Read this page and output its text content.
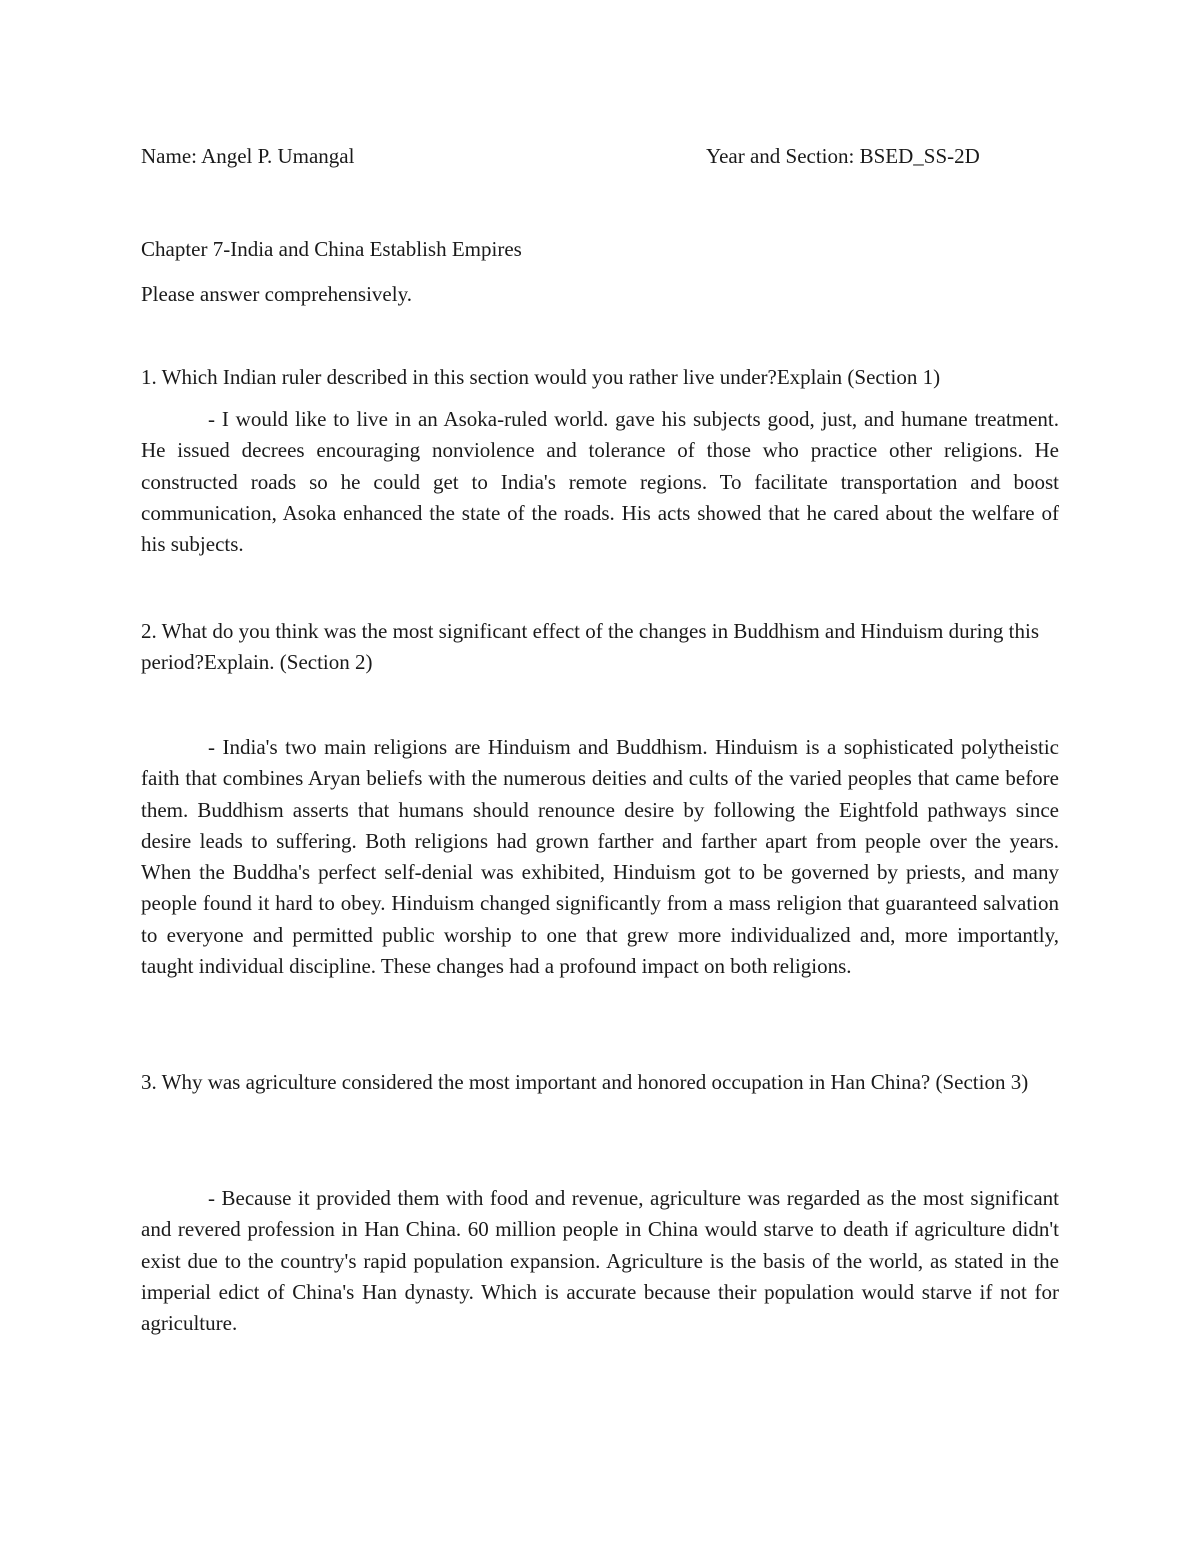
Name: Angel P. Umangal	Year and Section: BSED_SS-2D
Chapter 7-India and China Establish Empires
Please answer comprehensively.
1. Which Indian ruler described in this section would you rather live under?Explain (Section 1)
- I would like to live in an Asoka-ruled world. gave his subjects good, just, and humane treatment. He issued decrees encouraging nonviolence and tolerance of those who practice other religions. He constructed roads so he could get to India's remote regions. To facilitate transportation and boost communication, Asoka enhanced the state of the roads. His acts showed that he cared about the welfare of his subjects.
2. What do you think was the most significant effect of the changes in Buddhism and Hinduism during this period?Explain. (Section 2)
- India's two main religions are Hinduism and Buddhism. Hinduism is a sophisticated polytheistic faith that combines Aryan beliefs with the numerous deities and cults of the varied peoples that came before them. Buddhism asserts that humans should renounce desire by following the Eightfold pathways since desire leads to suffering. Both religions had grown farther and farther apart from people over the years. When the Buddha's perfect self-denial was exhibited, Hinduism got to be governed by priests, and many people found it hard to obey. Hinduism changed significantly from a mass religion that guaranteed salvation to everyone and permitted public worship to one that grew more individualized and, more importantly, taught individual discipline. These changes had a profound impact on both religions.
3. Why was agriculture considered the most important and honored occupation in Han China? (Section 3)
- Because it provided them with food and revenue, agriculture was regarded as the most significant and revered profession in Han China. 60 million people in China would starve to death if agriculture didn't exist due to the country's rapid population expansion. Agriculture is the basis of the world, as stated in the imperial edict of China's Han dynasty. Which is accurate because their population would starve if not for agriculture.
